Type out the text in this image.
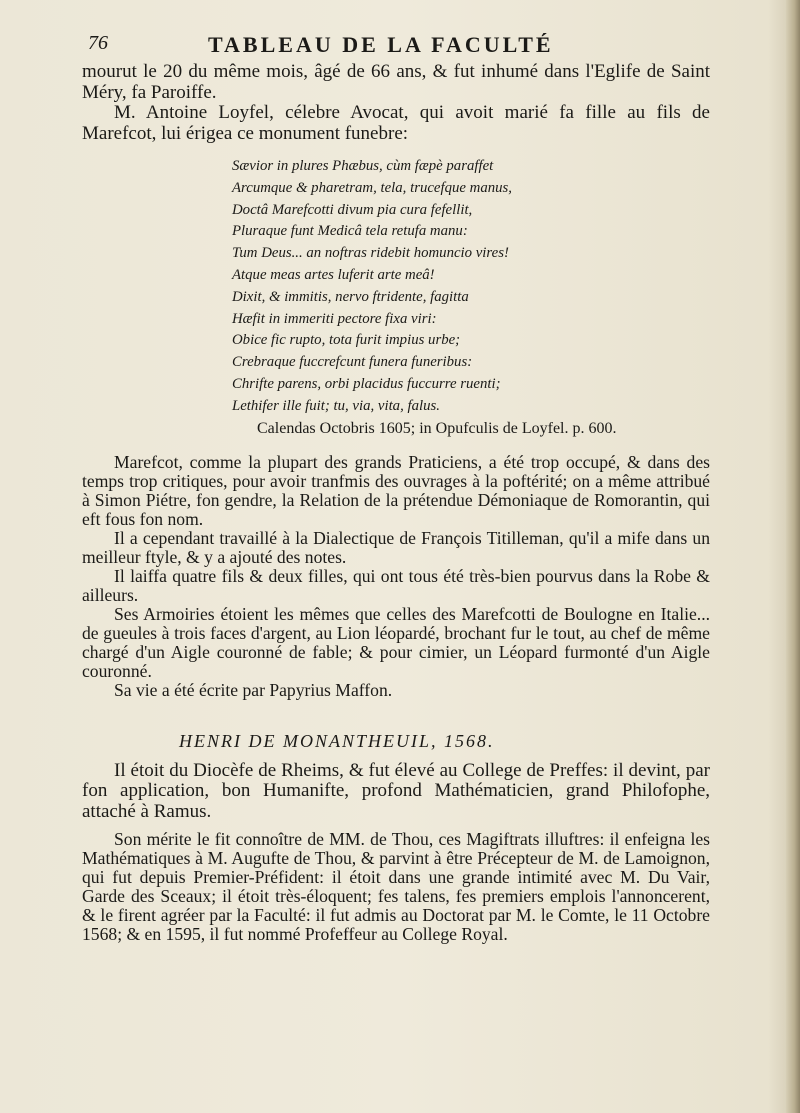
76	TABLEAU DE LA FACULTÉ

mourut le 20 du même mois, âgé de 66 ans, & fut inhumé dans l'Eglife de Saint Méry, fa Paroiffe.

M. Antoine Loyfel, célebre Avocat, qui avoit marié fa fille au fils de Marefcot, lui érigea ce monument funebre:

Sævior in plures Phæbus, cùm fæpè paraffet
Arcumque & pharetram, tela, trucefque manus,
Doctâ Marefcotti divum pia cura fefellit,
Pluraque funt Medicâ tela retufa manu:
Tum Deus... an noftras ridebit homuncio vires!
Atque meas artes luferit arte meâ!
Dixit, & immitis, nervo ftridente, fagitta
Hæfit in immeriti pectore fixa viri:
Obice fic rupto, tota furit impius urbe;
Crebraque fuccrefcunt funera funeribus:
Chrifte parens, orbi placidus fuccurre ruenti;
Lethifer ille fuit; tu, via, vita, falus.
Calendas Octobris 1605; in Opufculis de Loyfel. p. 600.

Marefcot, comme la plupart des grands Praticiens, a été trop occupé, & dans des temps trop critiques, pour avoir tranfmis des ouvrages à la poftérité; on a même attribué à Simon Piétre, fon gendre, la Relation de la prétendue Démoniaque de Romorantin, qui eft fous fon nom.

Il a cependant travaillé à la Dialectique de François Titilleman, qu'il a mife dans un meilleur ftyle, & y a ajouté des notes.

Il laiffa quatre fils & deux filles, qui ont tous été très-bien pourvus dans la Robe & ailleurs.

Ses Armoiries étoient les mêmes que celles des Marefcotti de Boulogne en Italie... de gueules à trois faces d'argent, au Lion léopardé, brochant fur le tout, au chef de même chargé d'un Aigle couronné de fable; & pour cimier, un Léopard furmonté d'un Aigle couronné.

Sa vie a été écrite par Papyrius Maffon.

HENRI DE MONANTHEUIL, 1568.

Il étoit du Diocèfe de Rheims, & fut élevé au College de Preffes: il devint, par fon application, bon Humanifte, profond Mathématicien, grand Philofophe, attaché à Ramus.

Son mérite le fit connoître de MM. de Thou, ces Magiftrats illuftres: il enfeigna les Mathématiques à M. Augufte de Thou, & parvint à être Précepteur de M. de Lamoignon, qui fut depuis Premier-Préfident: il étoit dans une grande intimité avec M. Du Vair, Garde des Sceaux; il étoit très-éloquent; fes talens, fes premiers emplois l'annoncerent, & le firent agréer par la Faculté: il fut admis au Doctorat par M. le Comte, le 11 Octobre 1568; & en 1595, il fut nommé Profeffeur au College Royal.
